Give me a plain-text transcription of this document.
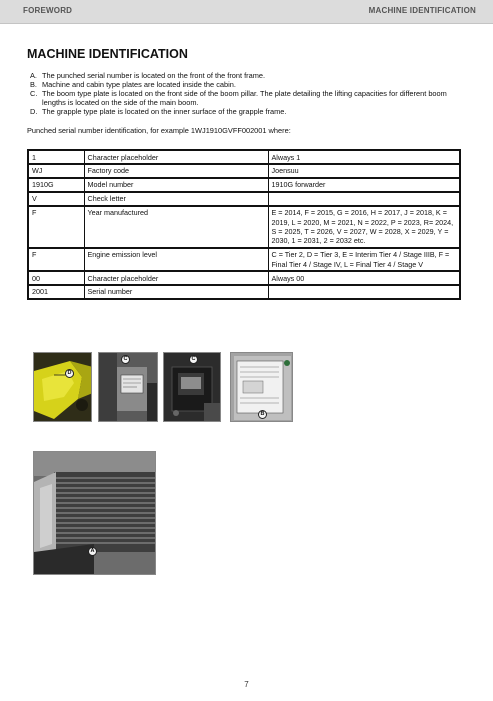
FOREWORD	MACHINE IDENTIFICATION
MACHINE IDENTIFICATION
A. The punched serial number is located on the front of the front frame.
B. Machine and cabin type plates are located inside the cabin.
C. The boom type plate is located on the front side of the boom pillar. The plate detailing the lifting capacities for different boom lengths is located on the side of the main boom.
D. The grapple type plate is located on the inner surface of the grapple frame.

Punched serial number identification, for example 1WJ1910GVFF002001 where:

1	Character placeholder	Always 1
WJ	Factory code	Joensuu
1910G	Model number	1910G forwarder
V	Check letter	
F	Year manufactured	E = 2014, F = 2015, G = 2016, H = 2017, J = 2018, K = 2019, L = 2020, M = 2021, N = 2022, P = 2023, R= 2024, S = 2025, T = 2026, V = 2027, W = 2028, X = 2029, Y = 2030, 1 = 2031, 2 = 2032 etc.
F	Engine emission level	C = Tier 2, D = Tier 3, E = Interim Tier 4 / Stage IIIB, F = Final Tier 4 / Stage IV, L = Final Tier 4 / Stage V
00	Character placeholder	Always 00
2001	Serial number	
D
C	C
B
A
7
